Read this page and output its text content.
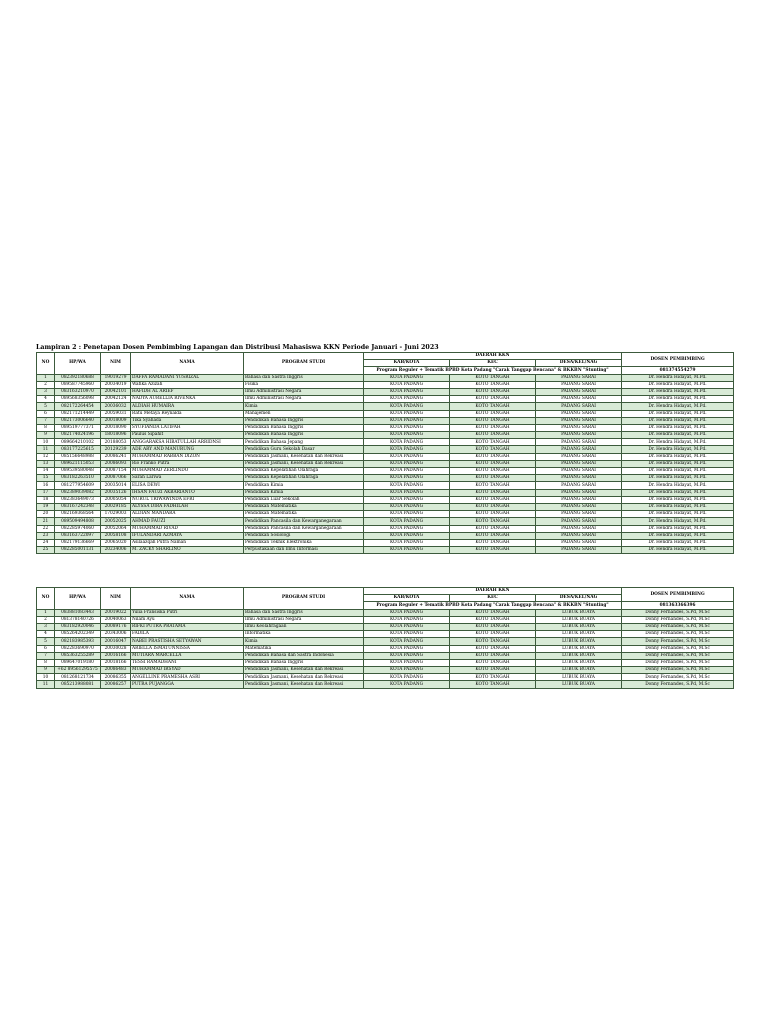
Lampiran 2 : Penetapan Dosen Pembimbing Lapangan dan Distribusi Mahasiswa KKN Periode Januari - Juni 2023
NO	HP/WA	NIM	NAMA	PROGRAM STUDI	DAERAH KKN			DOSEN PEMBIMBING
					KAB/KOTA	KEC	DESA/KEL/NAG	
					Program Reguler + Tematik BPBD Kota Padang "Carak Tanggap Bencana" & BKKBN "Stunting"			081374554279
1	082392180688	19019279	DAFFA RAMADANI YUSRIZAL	Bahasa dan Sastra Inggris	KOTA PADANG	KOTO TANGAH	PADANG SARAI	Dr. Hendra Hidayat, M.Pd.
2	089587745960	20034019	Wafika Azizah	Fisika	KOTA PADANG	KOTO TANGAH	PADANG SARAI	Dr. Hendra Hidayat, M.Pd.
3	083163210970	20042101	HAFIDH AL ARIEF	Ilmu Administrasi Negara	KOTA PADANG	KOTO TANGAH	PADANG SARAI	Dr. Hendra Hidayat, M.Pd.
4	089568356098	20042124	NADYA AURELLIA RIVENKA	Ilmu Administrasi Negara	KOTA PADANG	KOTO TANGAH	PADANG SARAI	Dr. Hendra Hidayat, M.Pd.
5	082172264454	20036032	ALDIAH HUMAIRA	Kimia	KOTA PADANG	KOTO TANGAH	PADANG SARAI	Dr. Hendra Hidayat, M.Pd.
6	082171214449	20059031	Ratu Metaya Reynalda	Manajemen	KOTA PADANG	KOTO TANGAH	PADANG SARAI	Dr. Hendra Hidayat, M.Pd.
7	082173006640	20018009	Tika Syahada	Pendidikan Bahasa Inggris	KOTA PADANG	KOTO TANGAH	PADANG SARAI	Dr. Hendra Hidayat, M.Pd.
8	089519777371	20018090	SYUFIANDA LATIFAH	Pendidikan Bahasa Inggris	KOTA PADANG	KOTO TANGAH	PADANG SARAI	Dr. Hendra Hidayat, M.Pd.
9	082174024196	18018096	Paulus Sipahit	Pendidikan Bahasa Inggris	KOTA PADANG	KOTO TANGAH	PADANG SARAI	Dr. Hendra Hidayat, M.Pd.
10	089664210102	20188053	ANGGARAKSA HIBATULLAH ARRIDNSI	Pendidikan Bahasa Jepang	KOTA PADANG	KOTO TANGAH	PADANG SARAI	Dr. Hendra Hidayat, M.Pd.
11	083177225615	20129239	ADE ARY AND MANURUNG	Pendidikan Guru Sekolah Dasar	KOTA PADANG	KOTO TANGAH	PADANG SARAI	Dr. Hendra Hidayat, M.Pd.
12	085156648988	20086241	MUHAMMAD RABBAN DIZON	Pendidikan Jasmani, Kesehatan dan Rekreasi	KOTA PADANG	KOTO TANGAH	PADANG SARAI	Dr. Hendra Hidayat, M.Pd.
13	089621115053	20086093	Rio Franko Putra	Pendidikan Jasmani, Kesehatan dan Rekreasi	KOTA PADANG	KOTO TANGAH	PADANG SARAI	Dr. Hendra Hidayat, M.Pd.
14	089539580048	20087154	MUHAMMAD ZERLINDO	Pendidikan Kepelatihan Olahraga	KOTA PADANG	KOTO TANGAH	PADANG SARAI	Dr. Hendra Hidayat, M.Pd.
15	083182263510	20087066	Sarah Lariwa	Pendidikan Kepelatihan Olahraga	KOTA PADANG	KOTO TANGAH	PADANG SARAI	Dr. Hendra Hidayat, M.Pd.
16	081277954609	20035014	ELISA DEWI	Pendidikan Kimia	KOTA PADANG	KOTO TANGAH	PADANG SARAI	Dr. Hendra Hidayat, M.Pd.
17	082389039082	20035126	IHSAN FAUZI AKBARIANTO	Pendidikan Kimia	KOTA PADANG	KOTO TANGAH	PADANG SARAI	Dr. Hendra Hidayat, M.Pd.
18	082383649073	20005054	NURUL TRIWAWINDA EFRI	Pendidikan Luar Sekolah	KOTA PADANG	KOTO TANGAH	PADANG SARAI	Dr. Hendra Hidayat, M.Pd.
19	083167242348	20029185	ALYSSA DIRA FADHILAH	Pendidikan Matematika	KOTA PADANG	KOTO TANGAH	PADANG SARAI	Dr. Hendra Hidayat, M.Pd.
20	082169368564	17029003	ALDIAN MANDARA	Pendidikan Matematika	KOTA PADANG	KOTO TANGAH	PADANG SARAI	Dr. Hendra Hidayat, M.Pd.
21	089509494808	20052025	AHMAD FAUZI	Pendidikan Pancasila dan Kewarganegaraan	KOTA PADANG	KOTO TANGAH	PADANG SARAI	Dr. Hendra Hidayat, M.Pd.
22	082285974060	20052064	MUHAMMAD RIVAD	Pendidikan Pancasila dan Kewarganegaraan	KOTA PADANG	KOTO TANGAH	PADANG SARAI	Dr. Hendra Hidayat, M.Pd.
23	083163722097	20058108	IFULANDARI AZMAYA	Pendidikan Sosiologi	KOTA PADANG	KOTO TANGAH	PADANG SARAI	Dr. Hendra Hidayat, M.Pd.
24	082179136669	20065020	Asilaazqah Putra Naman	Pendidikan Teknik Elektronika	KOTA PADANG	KOTO TANGAH	PADANG SARAI	Dr. Hendra Hidayat, M.Pd.
25	082285001131	20234006	M. ZACKY SHARLINO	Perpustakaan dan Ilmu Informasi	KOTA PADANG	KOTO TANGAH	PADANG SARAI	Dr. Hendra Hidayat, M.Pd.
NO	HP/WA	NIM	NAMA	PROGRAM STUDI	DAERAH KKN			DOSEN PEMBIMBING
					KAB/KOTA	KEC	DESA/KEL/NAG	
					Program Reguler + Tematik BPBD Kota Padang "Carak Tanggap Bencana" & BKKBN "Stunting"			081363366396
1	083881083443	20019022	Yulia Fransiska Putri	Bahasa dan Sastra Inggris	KOTA PADANG	KOTO TANGAH	LUBUK BUAYA	Donny Fernandes, S.Pd, M.Sc
2	081378140726	20040063	Nilam Ayu	Ilmu Administrasi Negara	KOTA PADANG	KOTO TANGAH	LUBUK BUAYA	Donny Fernandes, S.Pd, M.Sc
3	083182920046	20089176	RIFKI PUTRA PRATAMA	Ilmu Keolahragaan	KOTA PADANG	KOTO TANGAH	LUBUK BUAYA	Donny Fernandes, S.Pd, M.Sc
4	085264202349	20343006	FADILA	Informatika	KOTA PADANG	KOTO TANGAH	LUBUK BUAYA	Donny Fernandes, S.Pd, M.Sc
5	082183985393	20016047	NABEI PRASTISHA SETYAWAN	Kimia	KOTA PADANG	KOTO TANGAH	LUBUK BUAYA	Donny Fernandes, S.Pd, M.Sc
6	082283690970	20030028	ARIELLA ISMATUNNISSA	Matematika	KOTA PADANG	KOTO TANGAH	LUBUK BUAYA	Donny Fernandes, S.Pd, M.Sc
7	085363255289	20016166	MUTIARA MARCELLA	Pendidikan Bahasa dan Sastra Indonesia	KOTA PADANG	KOTO TANGAH	LUBUK BUAYA	Donny Fernandes, S.Pd, M.Sc
8	089647019180	20018166	TESSI RAMADHANI	Pendidikan Bahasa Inggris	KOTA PADANG	KOTO TANGAH	LUBUK BUAYA	Donny Fernandes, S.Pd, M.Sc
9	+62 89561295575	20086483	MUHAMMAD IRSYAD	Pendidikan Jasmani, Kesehatan dan Rekreasi	KOTA PADANG	KOTO TANGAH	LUBUK BUAYA	Donny Fernandes, S.Pd, M.Sc
10	081268121734	20086355	ANGELLINE PRAMESHA ASRI	Pendidikan Jasmani, Kesehatan dan Rekreasi	KOTA PADANG	KOTO TANGAH	LUBUK BUAYA	Donny Fernandes, S.Pd, M.Sc
11	085213988081	20086257	PUTRA PUJANGGA	Pendidikan Jasmani, Kesehatan dan Rekreasi	KOTA PADANG	KOTO TANGAH	LUBUK BUAYA	Donny Fernandes, S.Pd, M.Sc
